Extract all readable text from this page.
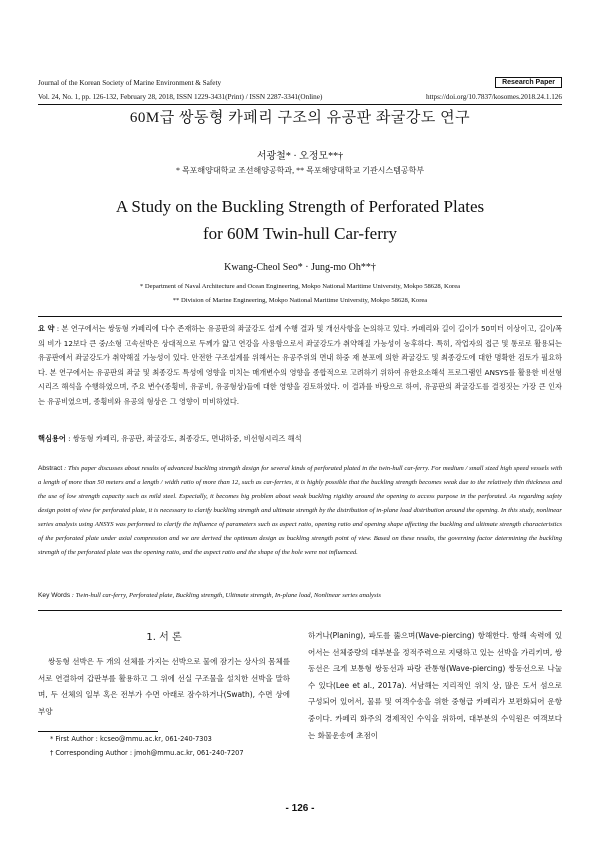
Journal of the Korean Society of Marine Environment & Safety	Research Paper
Vol. 24, No. 1, pp. 126-132, February 28, 2018, ISSN 1229-3431(Print) / ISSN 2287-3341(Online)	https://doi.org/10.7837/kosomes.2018.24.1.126
60M급 쌍동형 카페리 구조의 유공판 좌굴강도 연구
서광철* · 오정모**†
* 목포해양대학교 조선해양공학과, ** 목포해양대학교 기관시스템공학부
A Study on the Buckling Strength of Perforated Plates
for 60M Twin-hull Car-ferry
Kwang-Cheol Seo* · Jung-mo Oh**†
* Department of Naval Architecture and Ocean Engineering, Mokpo National Maritime University, Mokpo 58628, Korea
** Division of Marine Engineering, Mokpo National Maritime University, Mokpo 58628, Korea
요 약 : 본 연구에서는 쌍동형 카페리에 다수 존재하는 유공판의 좌굴강도 설계 수행 결과 및 개선사항을 논의하고 있다. 카페리와 길이 길이가 50미터 이상이고, 길이/폭의 비가 12보다 큰 중/소형 고속선박은 상대적으로 두께가 얇고 연강을 사용함으로서 좌굴강도가 취약해질 가능성이 농후하다. 특히, 작업자의 접근 및 통로로 활용되는 유공판에서 좌굴강도가 취약해질 가능성이 있다. 안전한 구조설계를 위해서는 유공주위의 면내 하중 재 분포에 의한 좌굴강도 및 최종강도에 대한 명확한 검토가 필요하다. 본 연구에서는 유공판의 좌굴 및 최종강도 특성에 영향을 미치는 매개변수의 영향을 종합적으로 고려하기 위하여 유한요소해석 프로그램인 ANSYS를 활용한 비선형시리즈 해석을 수행하였으며, 주요 변수(종횡비, 유공비, 유공형상)들에 대한 영향을 검토하였다. 이 결과를 바탕으로 하여, 유공판의 좌굴강도를 결정짓는 가장 큰 인자는 유공비였으며, 종횡비와 유공의 형상은 그 영향이 미비하였다.
핵심용어 : 쌍동형 카페리, 유공판, 좌굴강도, 최종강도, 면내하중, 비선형시리즈 해석
Abstract : This paper discusses about results of advanced buckling strength design for several kinds of perforated plated in the twin-hull car-ferry. For medium / small sized high speed vessels with a length of more than 50 meters and a length / width ratio of more than 12, such as car-ferries, it is highly possible that the buckling strength becomes weak due to the relatively thin thickness and the use of low strength capacity such as mild steel. Especially, it becomes big problem about weak buckling rigidity around the opening to access purpose in the perforated. As regarding safety design point of view for perforated plate, it is necessary to clarify buckling strength and ultimate strength by the distribution of in-plane load distribution around the opening. In this study, nonlinear series analysis using ANSYS was performed to clarify the influence of parameters such as aspect ratio, opening ratio and opening shape affecting the buckling and ultimate strength characteristics of the perforated plate under axial compression and we are derived the optimum design as buckling strength point of view. Based on these results, the governing factor determining the buckling strength of the perforated plate was the opening ratio, and the aspect ratio and the shape of the hole were not influenced.
Key Words : Twin-hull car-ferry, Perforated plate, Buckling strength, Ultimate strength, In-plane load, Nonlinear series analysis
1. 서 론
쌍동형 선박은 두 개의 선체를 가지는 선박으로 물에 잠기는 상사의 몸체를 서로 연결하여 갑판부를 활용하고 그 위에 선실 구조물을 설치한 선박을 말하며, 두 선체의 일부 혹은 전부가 수면 아래로 잠수하거나(Swath), 수면 상에 부양
하거나(Planing), 파도를 뚫으며(Wave-piercing) 항해한다. 항해 속력에 있어서는 선체중량의 대부분을 정적주력으로 지탱하고 있는 선박을 가리키며, 쌍동선은 크게 보통형 쌍동선과 파랑 관통형(Wave-piercing) 쌍동선으로 나눌 수 있다(Lee et al., 2017a). 서남해는 지리적인 위치 상, 많은 도서 섬으로 구성되어 있어서, 물류 및 여객수송을 위한 중형급 카페리가 보편화되어 운항중이다. 카페리 화주의 경제적인 수익을 위하여, 대부분의 수익원은 여객보다는 화물운송에 초점이
* First Author : kcseo@mmu.ac.kr, 061-240-7303
† Corresponding Author : jmoh@mmu.ac.kr, 061-240-7207
- 126 -
